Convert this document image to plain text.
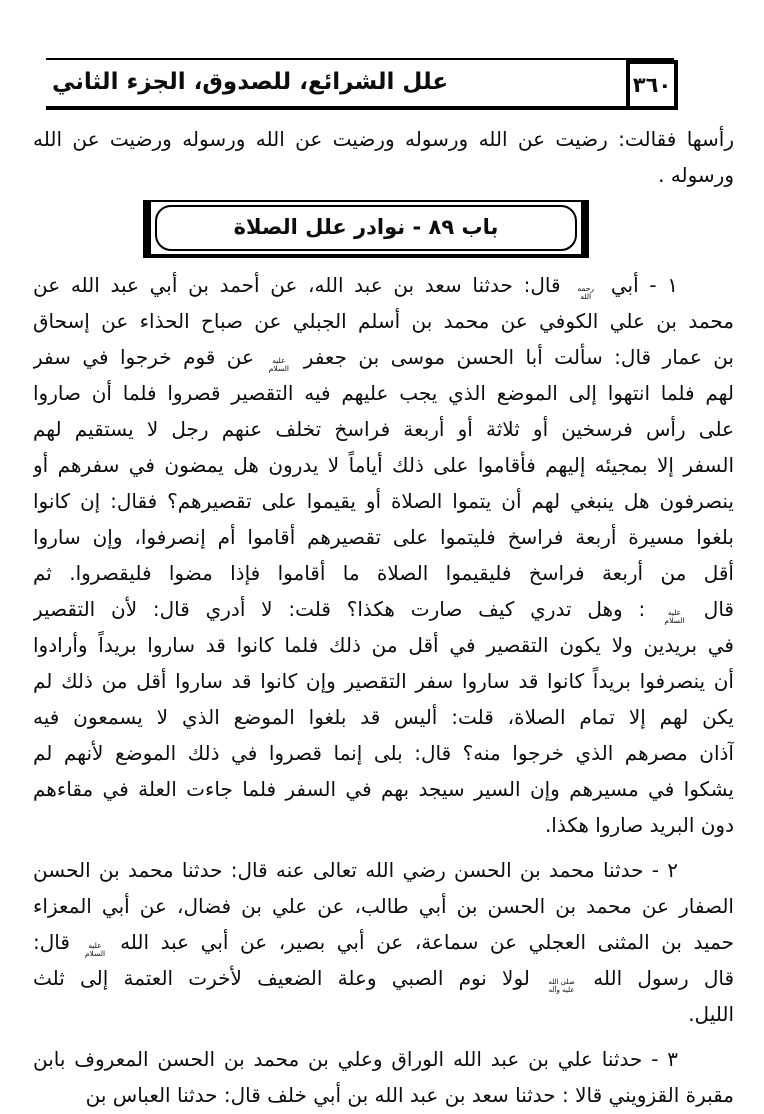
علل الشرائع، للصدوق، الجزء الثاني	٣٦٠
رأسها فقالت: رضيت عن الله ورسوله ورضيت عن الله ورسوله ورضيت عن الله
ورسوله .
باب ٨٩ - نوادر علل الصلاة
١ - أبي رحمه الله قال: حدثنا سعد بن عبد الله، عن أحمد بن أبي عبد الله عن
محمد بن علي الكوفي عن محمد بن أسلم الجبلي عن صباح الحذاء عن إسحاق
بن عمار قال: سألت أبا الحسن موسى بن جعفر عليه السلام عن قوم خرجوا في سفر
لهم فلما انتهوا إلى الموضع الذي يجب عليهم فيه التقصير قصروا فلما أن صاروا
على رأس فرسخين أو ثلاثة أو أربعة فراسخ تخلف عنهم رجل لا يستقيم لهم
السفر إلا بمجيئه إليهم فأقاموا على ذلك أياماً لا يدرون هل يمضون في سفرهم أو
ينصرفون هل ينبغي لهم أن يتموا الصلاة أو يقيموا على تقصيرهم؟ فقال: إن كانوا
بلغوا مسيرة أربعة فراسخ فليتموا على تقصيرهم أقاموا أم إنصرفوا، وإن ساروا
أقل من أربعة فراسخ فليقيموا الصلاة ما أقاموا فإذا مضوا فليقصروا. ثم
قال عليه السلام : وهل تدري كيف صارت هكذا؟ قلت: لا أدري قال: لأن التقصير
في بريدين ولا يكون التقصير في أقل من ذلك فلما كانوا قد ساروا بريداً وأرادوا
أن ينصرفوا بريداً كانوا قد ساروا سفر التقصير وإن كانوا قد ساروا أقل من ذلك لم
يكن لهم إلا تمام الصلاة، قلت: أليس قد بلغوا الموضع الذي لا يسمعون فيه
آذان مصرهم الذي خرجوا منه؟ قال: بلى إنما قصروا في ذلك الموضع لأنهم لم
يشكوا في مسيرهم وإن السير سيجد بهم في السفر فلما جاءت العلة في مقاءهم
دون البريد صاروا هكذا.
٢ - حدثنا محمد بن الحسن رضي الله تعالى عنه قال: حدثنا محمد بن الحسن
الصفار عن محمد بن الحسن بن أبي طالب، عن علي بن فضال، عن أبي المعزاء
حميد بن المثنى العجلي عن سماعة، عن أبي بصير، عن أبي عبد الله عليه السلام قال:
قال رسول الله صلى الله عليه وآله لولا نوم الصبي وعلة الضعيف لأخرت العتمة إلى ثلث
الليل.
٣ - حدثنا علي بن عبد الله الوراق وعلي بن محمد بن الحسن المعروف بابن
مقبرة القزويني قالا : حدثنا سعد بن عبد الله بن أبي خلف قال: حدثنا العباس بن
